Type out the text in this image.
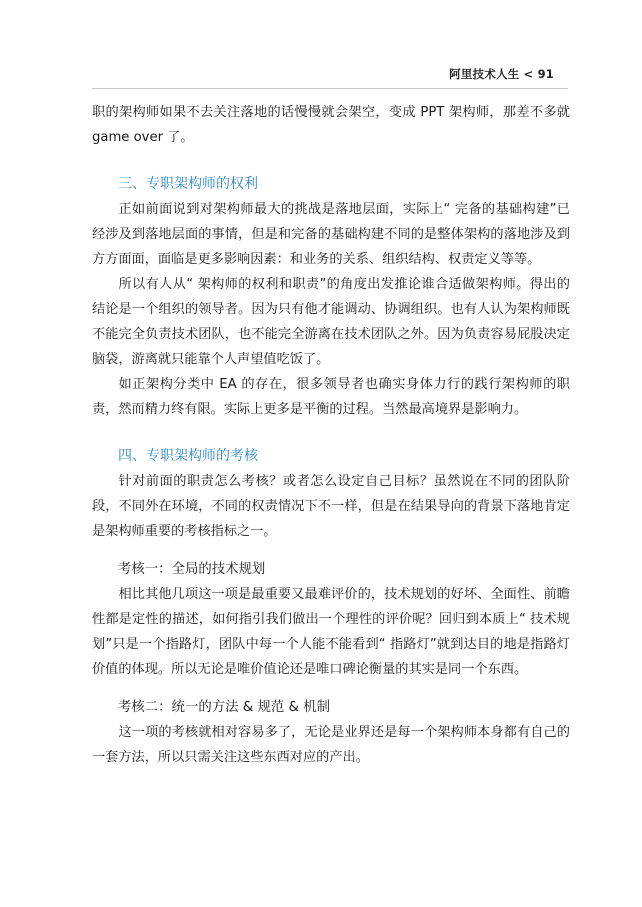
阿里技术人生 < 91

职的架构师如果不去关注落地的话慢慢就会架空，变成 PPT 架构师，那差不多就 game over 了。

三、专职架构师的权利

正如前面说到对架构师最大的挑战是落地层面，实际上“ 完备的基础构建”已经涉及到落地层面的事情，但是和完备的基础构建不同的是整体架构的落地涉及到方方面面，面临是更多影响因素：和业务的关系、组织结构、权责定义等等。

所以有人从“ 架构师的权利和职责”的角度出发推论谁合适做架构师。得出的结论是一个组织的领导者。因为只有他才能调动、协调组织。也有人认为架构师既不能完全负责技术团队，也不能完全游离在技术团队之外。因为负责容易屁股决定脑袋，游离就只能靠个人声望值吃饭了。

如正架构分类中 EA 的存在，很多领导者也确实身体力行的践行架构师的职责，然而精力终有限。实际上更多是平衡的过程。当然最高境界是影响力。

四、专职架构师的考核

针对前面的职责怎么考核？或者怎么设定自己目标？虽然说在不同的团队阶段，不同外在环境，不同的权责情况下不一样，但是在结果导向的背景下落地肯定是架构师重要的考核指标之一。

考核一：全局的技术规划

相比其他几项这一项是最重要又最难评价的，技术规划的好坏、全面性、前瞻性都是定性的描述，如何指引我们做出一个理性的评价呢？回归到本质上“ 技术规划”只是一个指路灯，团队中每一个人能不能看到“ 指路灯”就到达目的地是指路灯价值的体现。所以无论是唯价值论还是唯口碑论衡量的其实是同一个东西。

考核二：统一的方法 & 规范 & 机制

这一项的考核就相对容易多了，无论是业界还是每一个架构师本身都有自己的一套方法，所以只需关注这些东西对应的产出。
